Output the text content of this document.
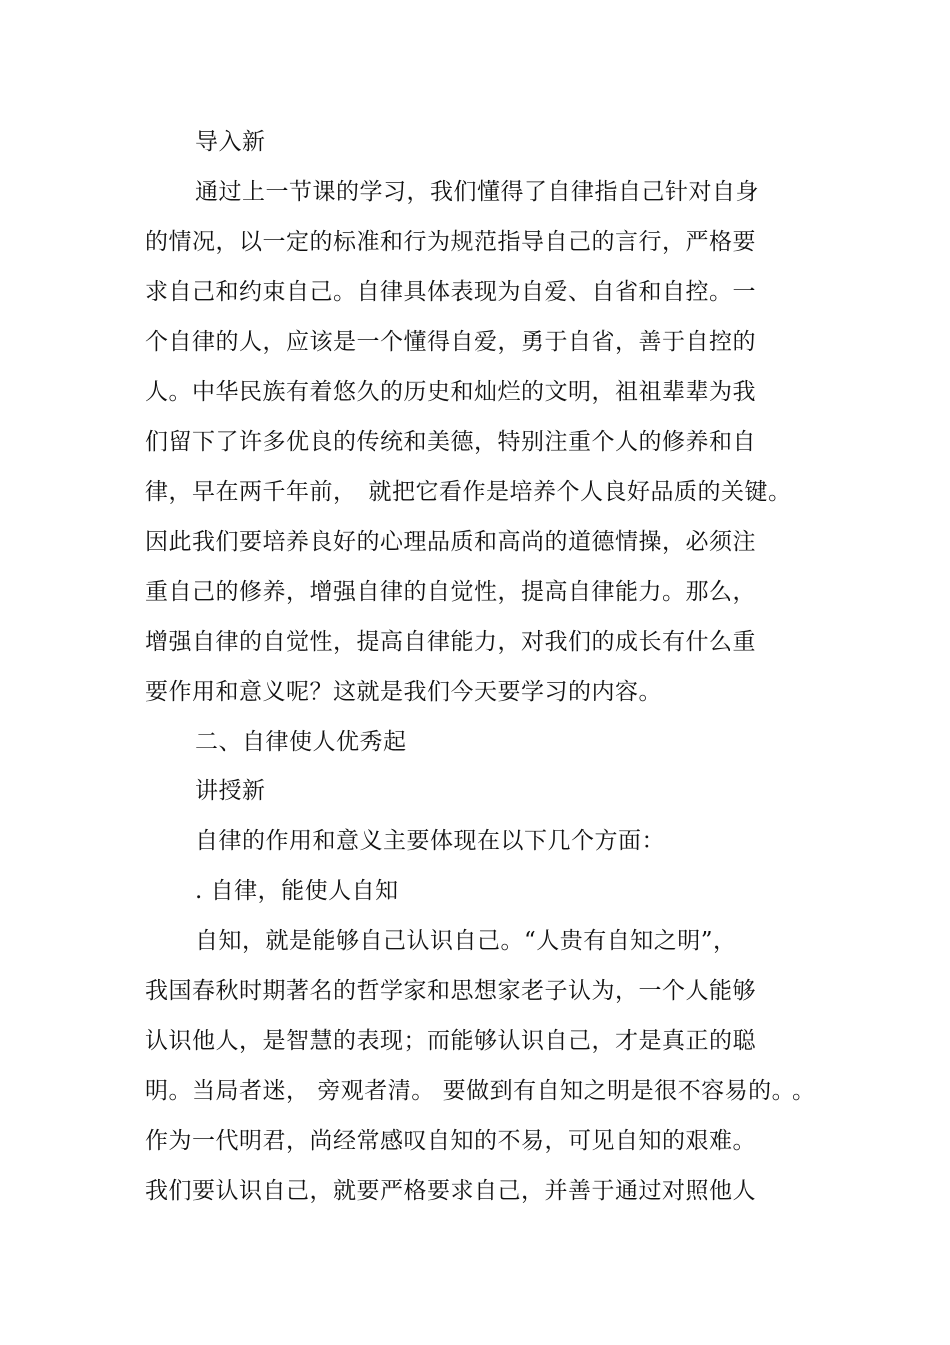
导入新
通过上一节课的学习，我们懂得了自律指自己针对自身
的情况，以一定的标准和行为规范指导自己的言行，严格要
求自己和约束自己。自律具体表现为自爱、自省和自控。一
个自律的人，应该是一个懂得自爱，勇于自省，善于自控的
人。中华民族有着悠久的历史和灿烂的文明，祖祖辈辈为我
们留下了许多优良的传统和美德，特别注重个人的修养和自
律，早在两千年前，　就把它看作是培养个人良好品质的关键。
因此我们要培养良好的心理品质和高尚的道德情操，必须注
重自己的修养，增强自律的自觉性，提高自律能力。那么，
增强自律的自觉性，提高自律能力，对我们的成长有什么重
要作用和意义呢？这就是我们今天要学习的内容。
二、自律使人优秀起
讲授新
自律的作用和意义主要体现在以下几个方面：
. 自律，能使人自知
自知，就是能够自己认识自己。“人贵有自知之明”，
我国春秋时期著名的哲学家和思想家老子认为，一个人能够
认识他人，是智慧的表现；而能够认识自己，才是真正的聪
明。当局者迷， 旁观者清。 要做到有自知之明是很不容易的。
。
作为一代明君，尚经常感叹自知的不易，可见自知的艰难。
我们要认识自己，就要严格要求自己，并善于通过对照他人
